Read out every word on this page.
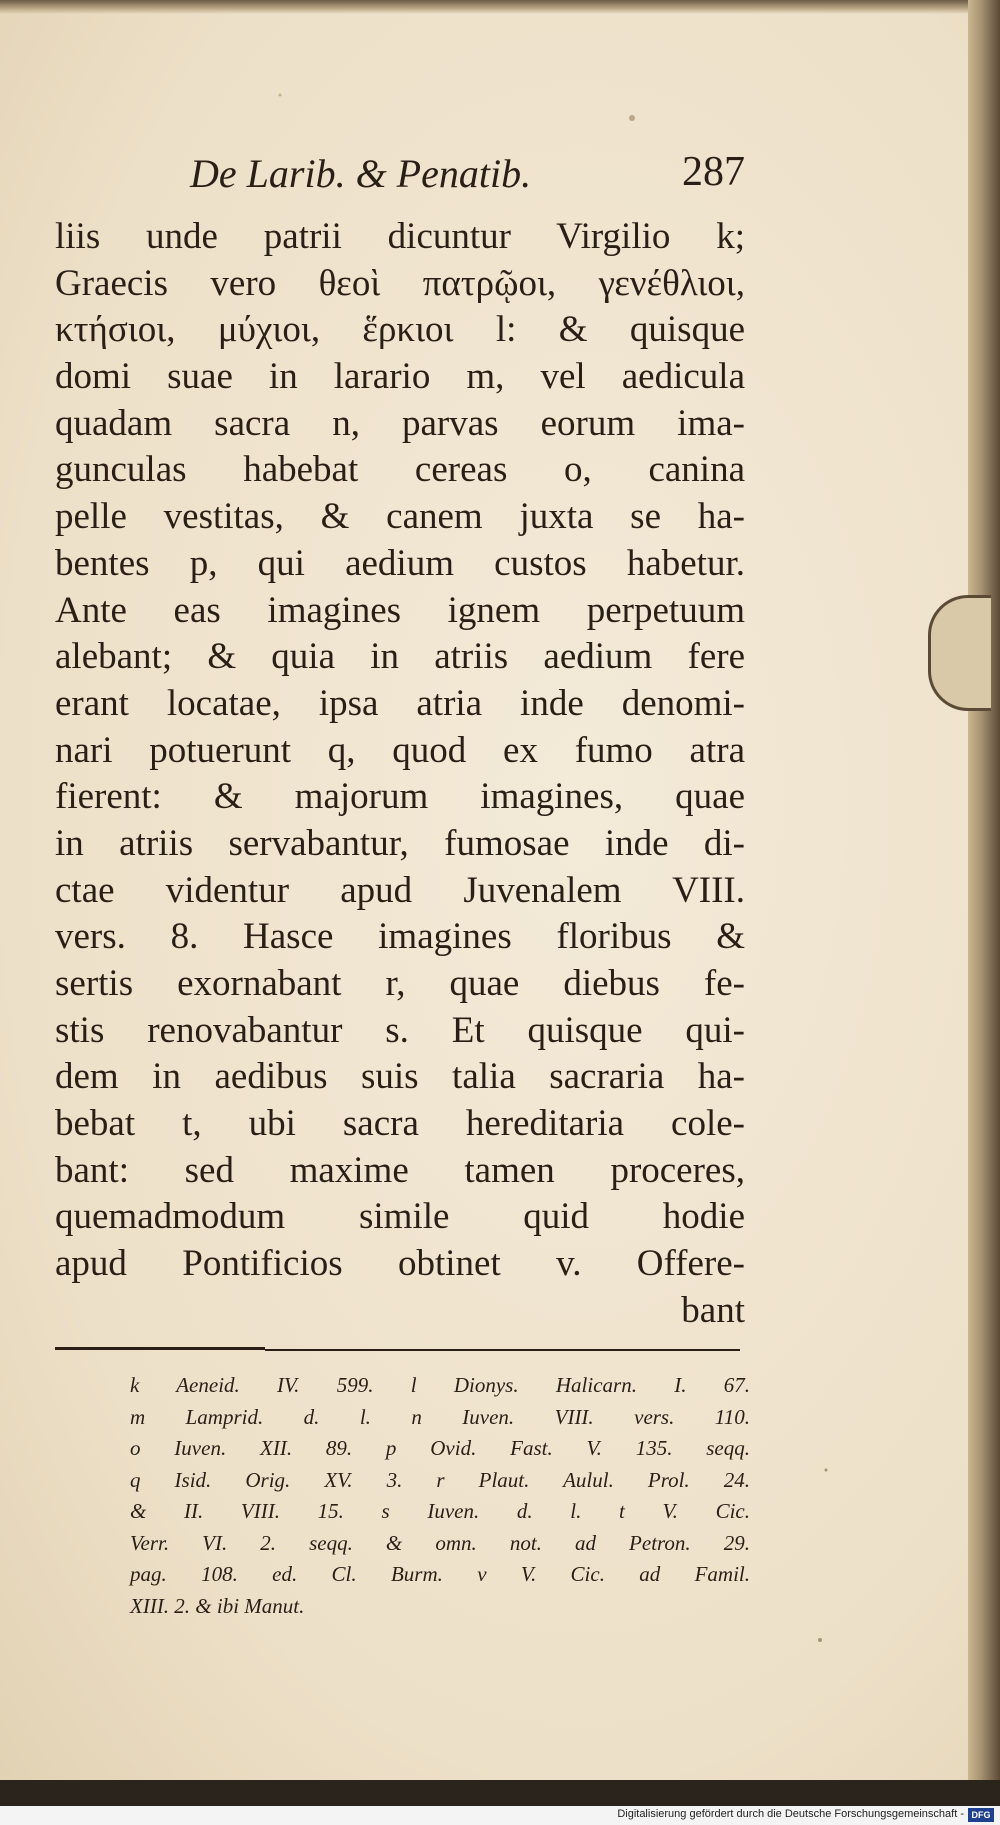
De Larib. & Penatib.	287
liis unde patrii dicuntur Virgilio k;
Graecis vero θεοὶ πατρῷοι, γενέθλιοι,
κτήσιοι, μύχιοι, ἕρκιοι l: & quisque
domi suae in larario m, vel aedicula
quadam sacra n, parvas eorum ima-
gunculas habebat cereas o, canina
pelle vestitas, & canem juxta se ha-
bentes p, qui aedium custos habetur.
Ante eas imagines ignem perpetuum
alebant; & quia in atriis aedium fere
erant locatae, ipsa atria inde denomi-
nari potuerunt q, quod ex fumo atra
fierent: & majorum imagines, quae
in atriis servabantur, fumosae inde di-
ctae videntur apud Juvenalem VIII.
vers. 8. Hasce imagines floribus &
sertis exornabant r, quae diebus fe-
stis renovabantur s. Et quisque qui-
dem in aedibus suis talia sacraria ha-
bebat t, ubi sacra hereditaria cole-
bant: sed maxime tamen proceres,
quemadmodum simile quid hodie
apud Pontificios obtinet v. Offere-
bant
k Aeneid. IV. 599. l Dionys. Halicarn. I. 67.
m Lamprid. d. l. n Iuven. VIII. vers. 110.
o Iuven. XII. 89. p Ovid. Fast. V. 135. seqq.
q Isid. Orig. XV. 3. r Plaut. Aulul. Prol. 24.
& II. VIII. 15. s Iuven. d. l. t V. Cic.
Verr. VI. 2. seqq. & omn. not. ad Petron. 29.
pag. 108. ed. Cl. Burm. v V. Cic. ad Famil.
XIII. 2. & ibi Manut.
Digitalisierung gefördert durch die Deutsche Forschungsgemeinschaft - DFG
